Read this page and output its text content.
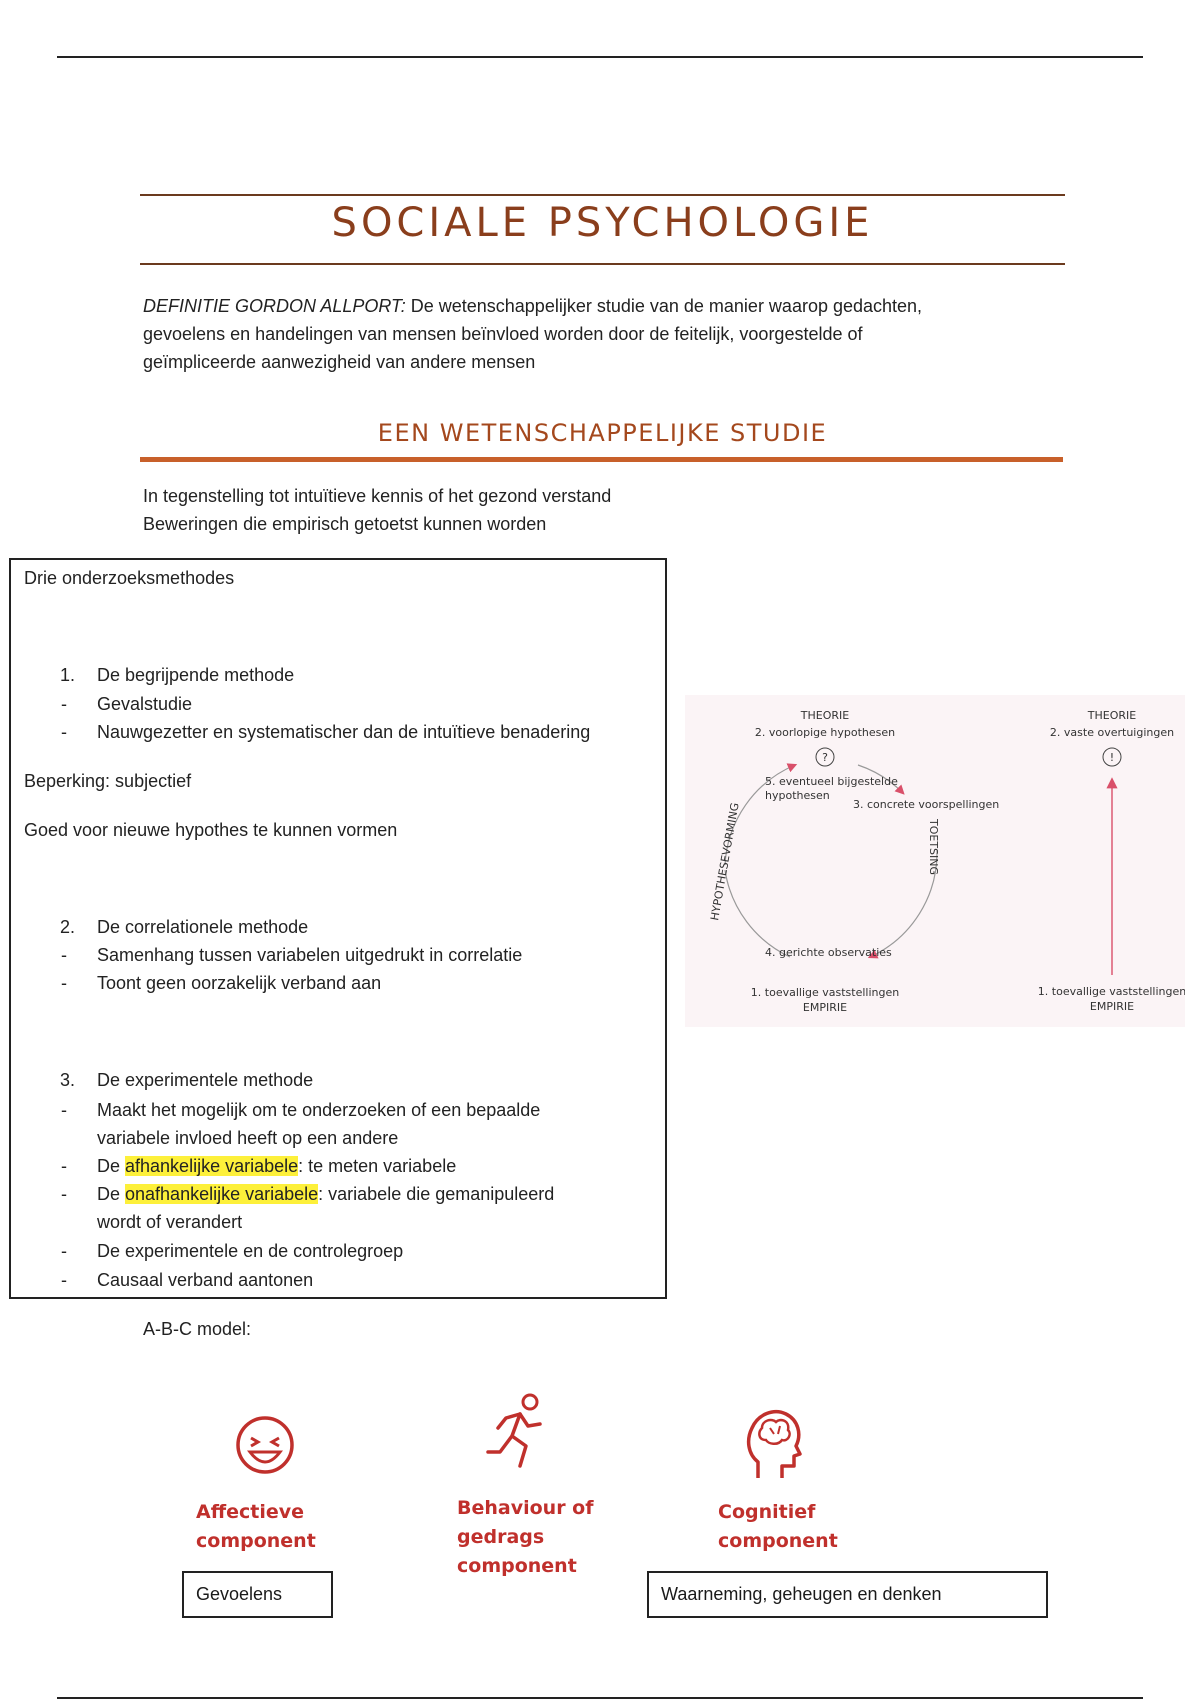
SOCIALE PSYCHOLOGIE
DEFINITIE GORDON ALLPORT: De wetenschappelijker studie van de manier waarop gedachten,
gevoelens en handelingen van mensen beïnvloed worden door de feitelijk, voorgestelde of
geïmpliceerde aanwezigheid van andere mensen
EEN WETENSCHAPPELIJKE STUDIE
In tegenstelling tot intuïtieve kennis of het gezond verstand
Beweringen die empirisch getoetst kunnen worden
Drie onderzoeksmethodes
1. De begrijpende methode
- Gevalstudie
- Nauwgezetter en systematischer dan de intuïtieve benadering
Beperking: subjectief
Goed voor nieuwe hypothes te kunnen vormen
2. De correlationele methode
- Samenhang tussen variabelen uitgedrukt in correlatie
- Toont geen oorzakelijk verband aan
3. De experimentele methode
- Maakt het mogelijk om te onderzoeken of een bepaalde
variabele invloed heeft op een andere
- De afhankelijke variabele: te meten variabele
- De onafhankelijke variabele: variabele die gemanipuleerd
wordt of verandert
- De experimentele en de controlegroep
- Causaal verband aantonen
THEORIE
2. voorlopige hypothesen
?
5. eventueel bijgestelde
hypothesen
3. concrete voorspellingen
TOETSING
HYPOTHESEVORMING
4. gerichte observaties
1. toevallige vaststellingen
EMPIRIE
THEORIE
2. vaste overtuigingen
!
1. toevallige vaststellingen
EMPIRIE
A-B-C model:
Affectieve
component
Gevoelens
Behaviour of
gedrags
component
Cognitief
component
Waarneming, geheugen en denken
